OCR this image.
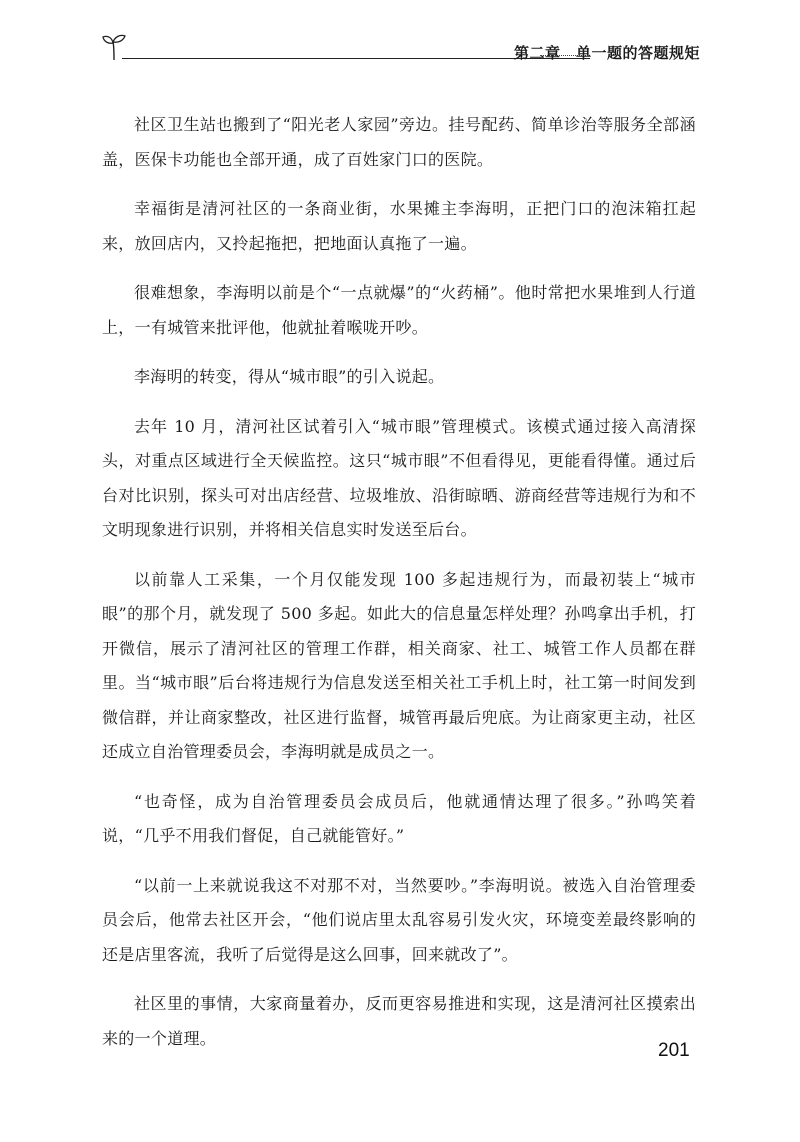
第二章　单一题的答题规矩

社区卫生站也搬到了“阳光老人家园”旁边。挂号配药、简单诊治等服务全部涵盖，医保卡功能也全部开通，成了百姓家门口的医院。

幸福街是清河社区的一条商业街，水果摊主李海明，正把门口的泡沫箱扛起来，放回店内，又拎起拖把，把地面认真拖了一遍。

很难想象，李海明以前是个“一点就爆”的“火药桶”。他时常把水果堆到人行道上，一有城管来批评他，他就扯着喉咙开吵。

李海明的转变，得从“城市眼”的引入说起。

去年 10 月，清河社区试着引入“城市眼”管理模式。该模式通过接入高清探头，对重点区域进行全天候监控。这只“城市眼”不但看得见，更能看得懂。通过后台对比识别，探头可对出店经营、垃圾堆放、沿街晾晒、游商经营等违规行为和不文明现象进行识别，并将相关信息实时发送至后台。

以前靠人工采集，一个月仅能发现 100 多起违规行为，而最初装上“城市眼”的那个月，就发现了 500 多起。如此大的信息量怎样处理？孙鸣拿出手机，打开微信，展示了清河社区的管理工作群，相关商家、社工、城管工作人员都在群里。当“城市眼”后台将违规行为信息发送至相关社工手机上时，社工第一时间发到微信群，并让商家整改，社区进行监督，城管再最后兜底。为让商家更主动，社区还成立自治管理委员会，李海明就是成员之一。

“也奇怪，成为自治管理委员会成员后，他就通情达理了很多。”孙鸣笑着说，“几乎不用我们督促，自己就能管好。”

“以前一上来就说我这不对那不对，当然要吵。”李海明说。被选入自治管理委员会后，他常去社区开会，“他们说店里太乱容易引发火灾，环境变差最终影响的还是店里客流，我听了后觉得是这么回事，回来就改了”。

社区里的事情，大家商量着办，反而更容易推进和实现，这是清河社区摸索出来的一个道理。

201
